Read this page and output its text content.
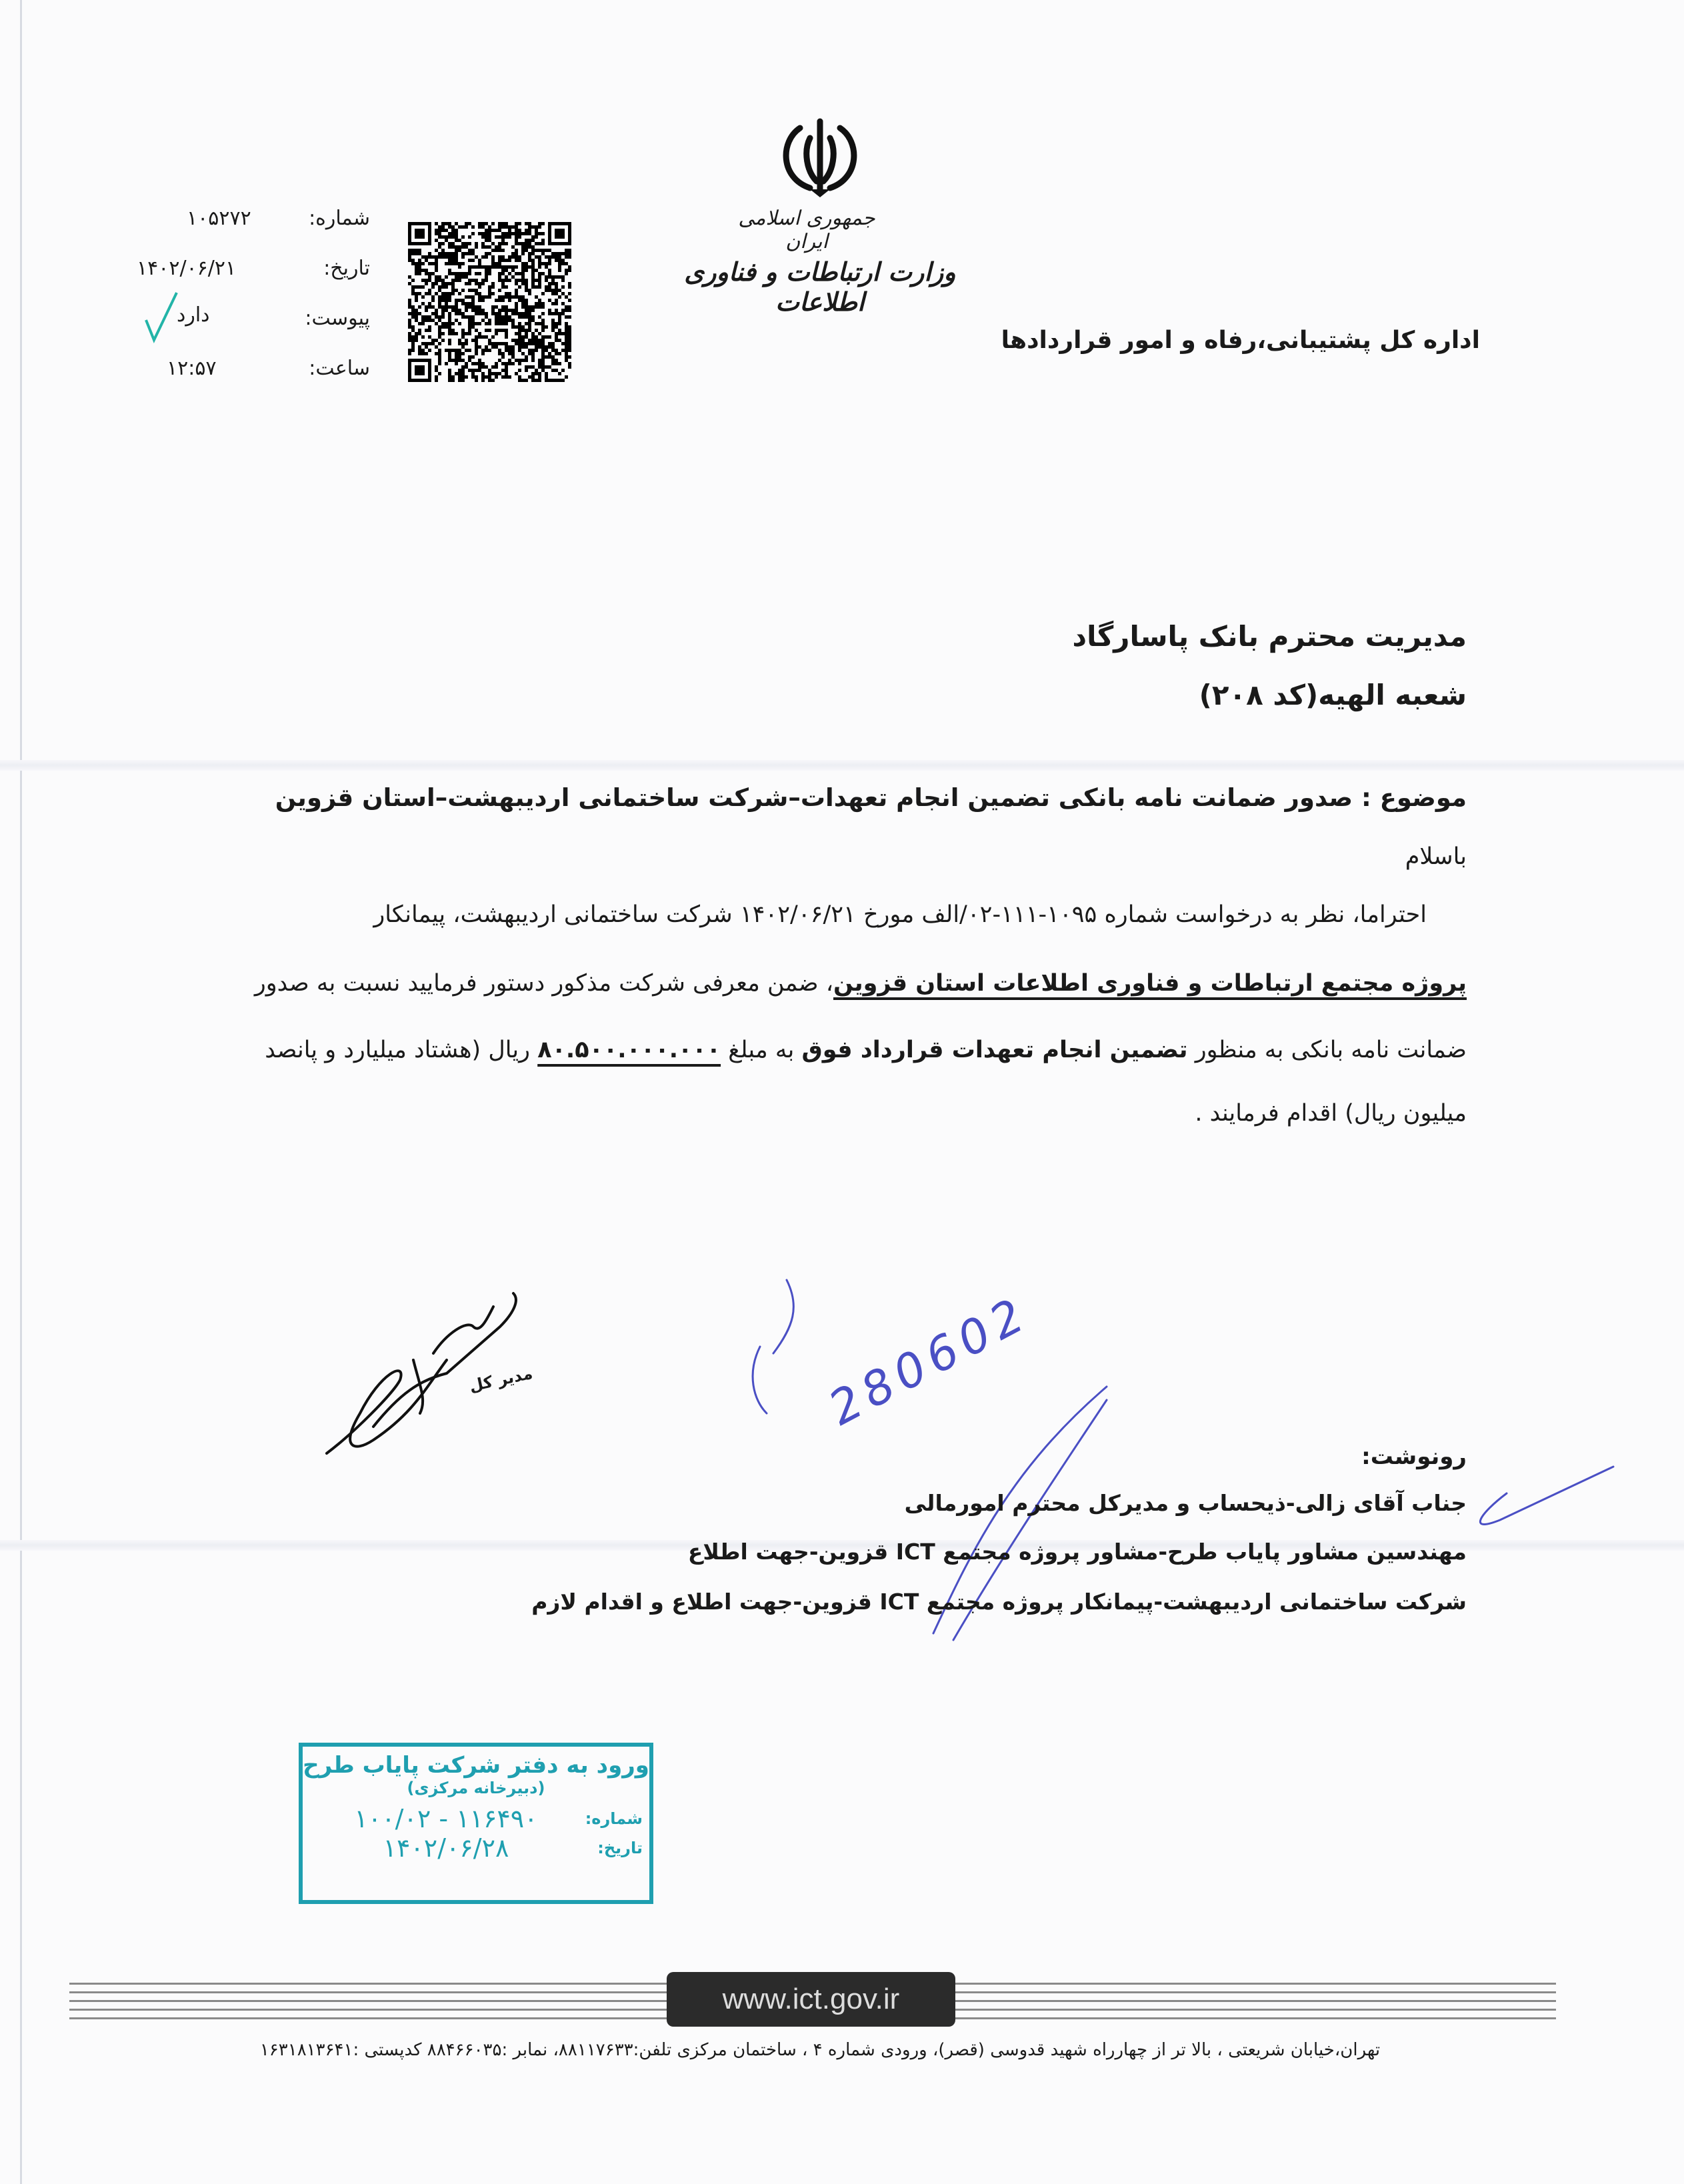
جمهوری اسلامی ایران
وزارت ارتباطات و فناوری اطلاعات
اداره کل پشتیبانی،رفاه و امور قراردادها
شماره:
۱۰۵۲۷۲
تاریخ:
۱۴۰۲/۰۶/۲۱
پیوست:
دارد
ساعت:
۱۲:۵۷
مدیریت محترم بانک پاسارگاد
شعبه الهیه(کد ۲۰۸)
موضوع : صدور ضمانت نامه بانکی تضمین انجام تعهدات–شرکت ساختمانی اردیبهشت–استان قزوین
باسلام
احتراما، نظر به درخواست شماره ۱۰۹۵-۱۱۱-۰۲/الف مورخ ۱۴۰۲/۰۶/۲۱ شرکت ساختمانی اردیبهشت، پیمانکار
پروژه مجتمع ارتباطات و فناوری اطلاعات استان قزوین، ضمن معرفی شرکت مذکور دستور فرمایید نسبت به صدور
ضمانت نامه بانکی به منظور تضمین انجام تعهدات قرارداد فوق به مبلغ ۸۰.۵۰۰.۰۰۰.۰۰۰ ریال (هشتاد میلیارد و پانصد
میلیون ریال) اقدام فرمایند .
مدیر کل	280602
رونوشت:
جناب آقای زالی-ذیحساب و مدیرکل محترم امورمالی
مهندسین مشاور پایاب طرح-مشاور پروژه مجتمع ICT قزوین-جهت اطلاع
شرکت ساختمانی اردیبهشت-پیمانکار پروژه مجتمع ICT قزوین-جهت اطلاع و اقدام لازم
ورود به دفتر شرکت پایاب طرح
(دبیرخانه مرکزی)
شماره:
۱۱۶۴۹۰ - ۱۰۰/۰۲
تاریخ:
۱۴۰۲/۰۶/۲۸
www.ict.gov.ir
تهران،خیابان شریعتی ، بالا تر از چهارراه شهید قدوسی (قصر)، ورودی شماره ۴ ، ساختمان مرکزی تلفن:۸۸۱۱۷۶۳۳، نمابر :۸۸۴۶۶۰۳۵ کدپستی :۱۶۳۱۸۱۳۶۴۱
